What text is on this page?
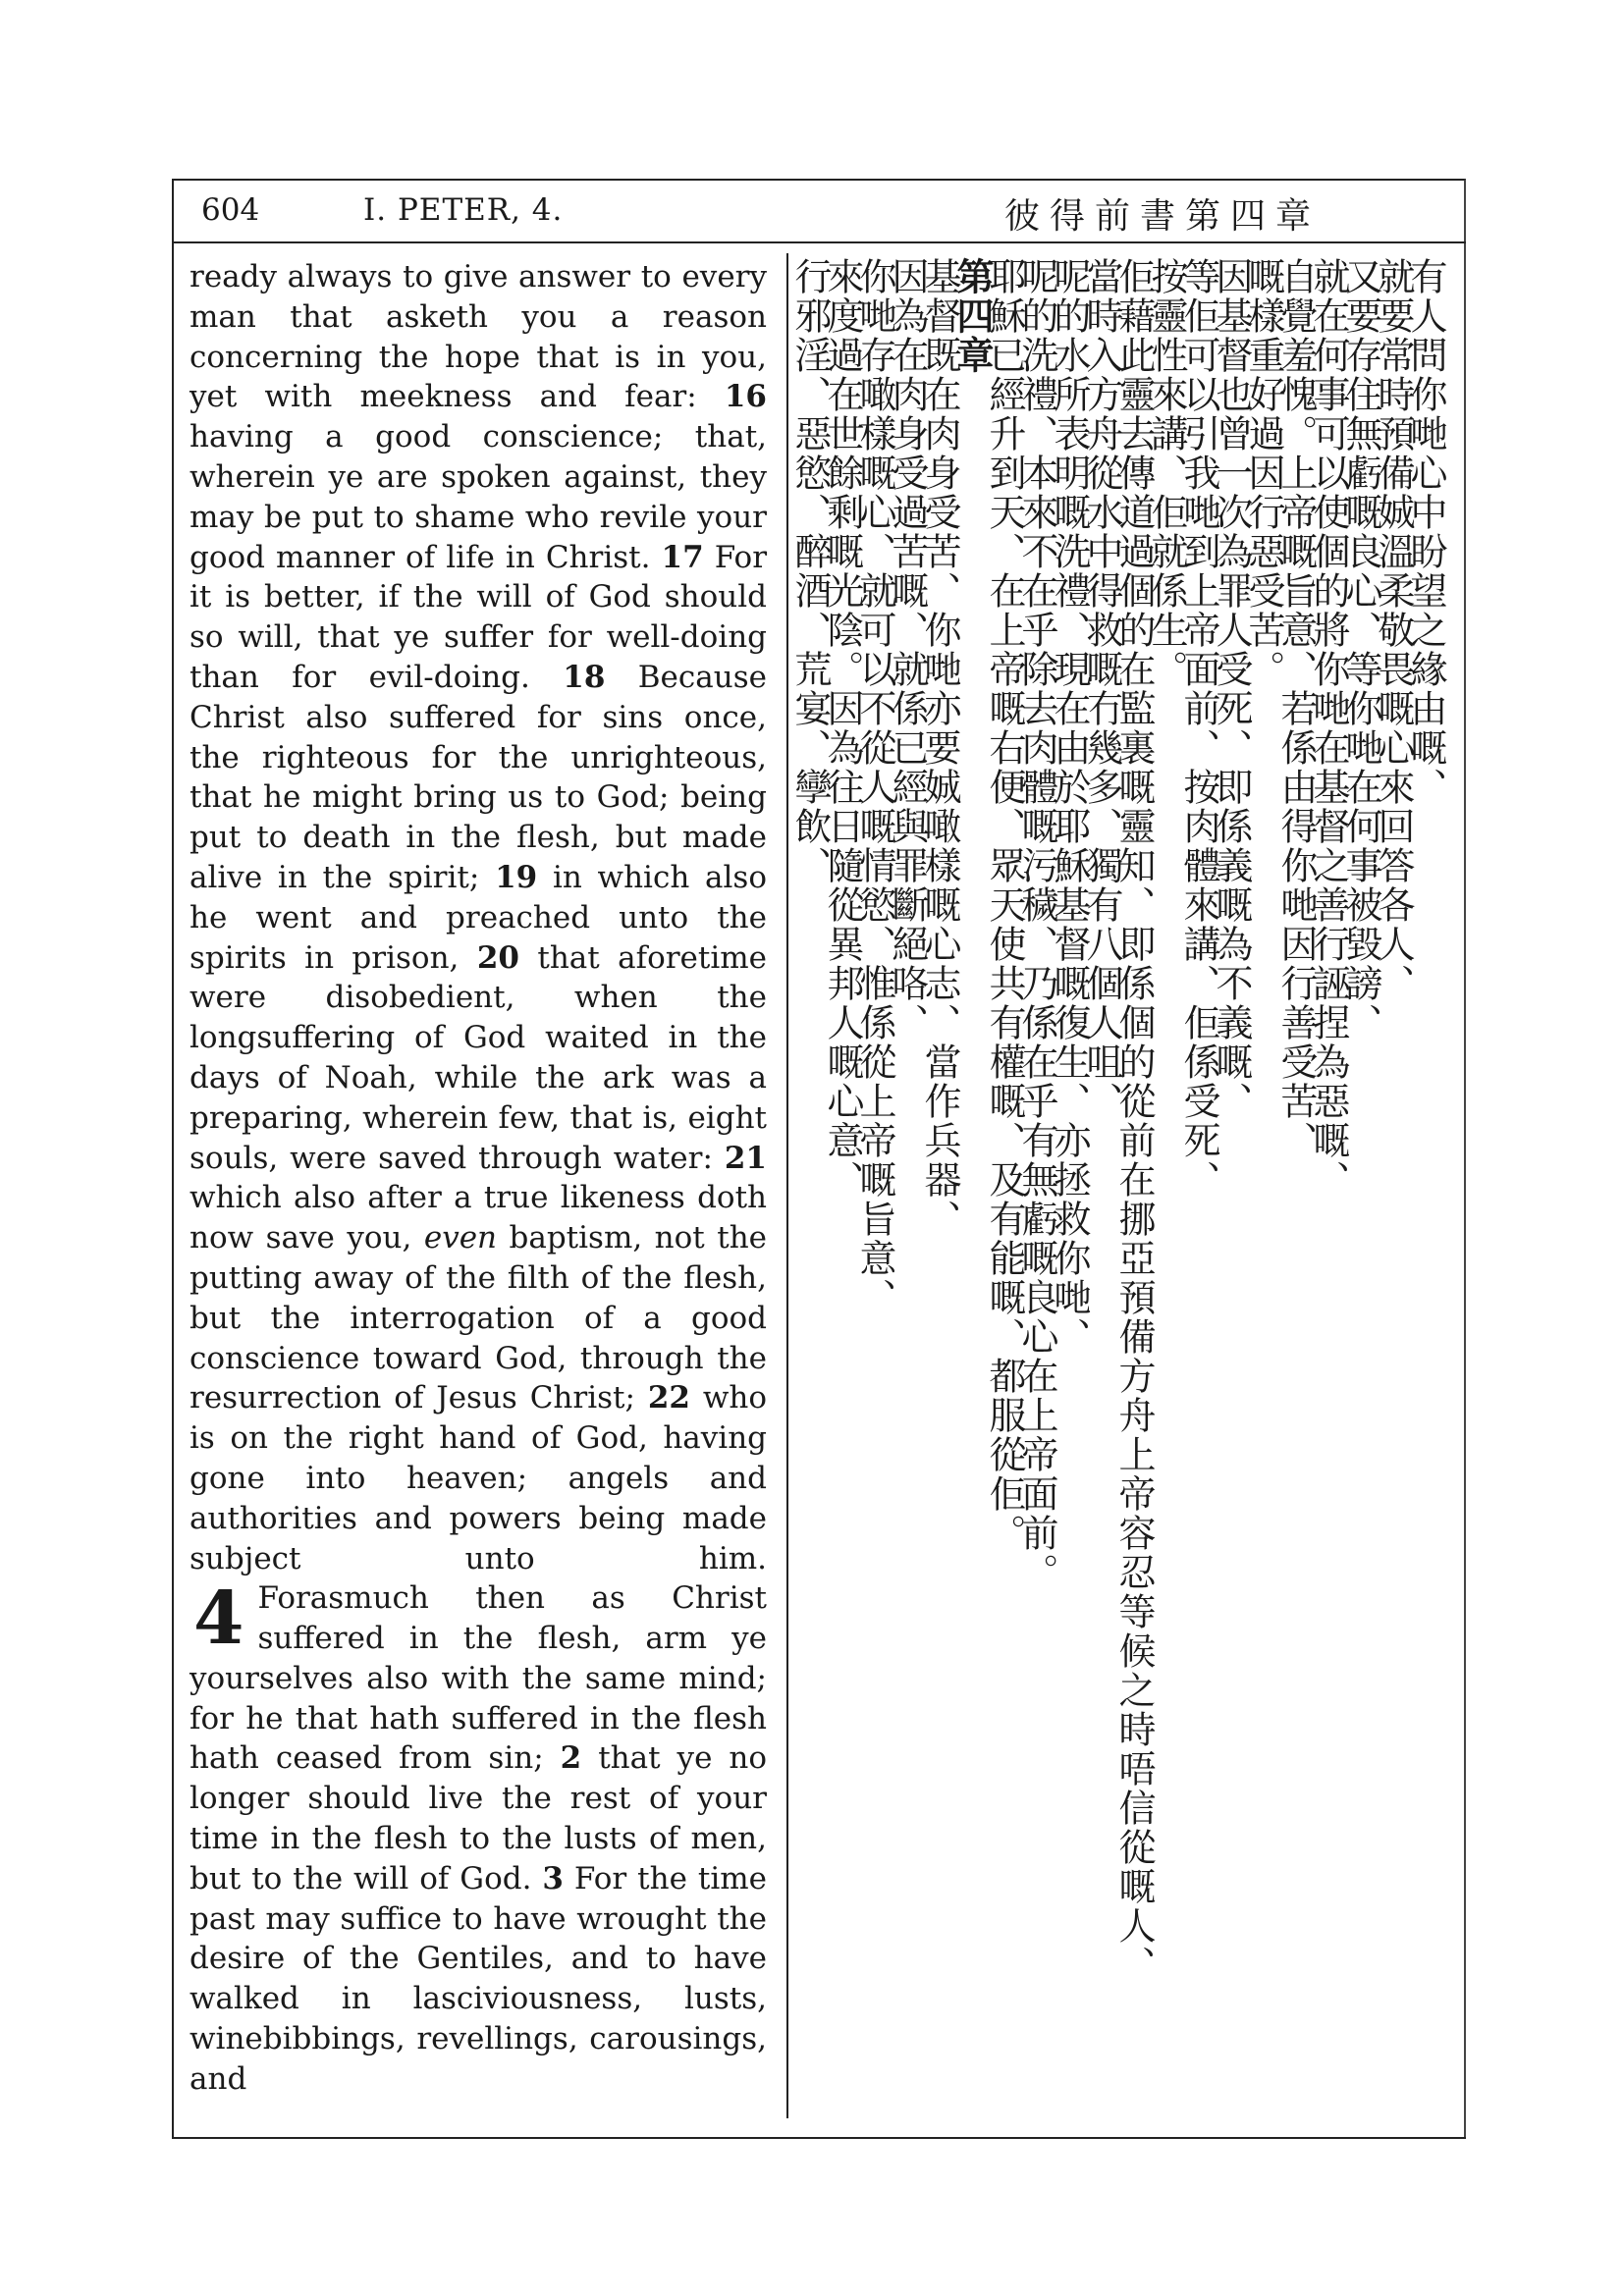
604	I. PETER, 4.	彼得前書第四章

ready always to give answer to every man that asketh you a reason concerning the hope that is in you, yet with meekness and fear: 16 having a good conscience; that, wherein ye are spoken against, they may be put to shame who revile your good manner of life in Christ. 17 For it is better, if the will of God should so will, that ye suffer for well-doing than for evil-doing. 18 Because Christ also suffered for sins once, the righteous for the unrighteous, that he might bring us to God; being put to death in the flesh, but made alive in the spirit; 19 in which also he went and preached unto the spirits in prison, 20 that aforetime were disobedient, when the longsuffering of God waited in the days of Noah, while the ark was a preparing, wherein few, that is, eight souls, were saved through water: 21 which also after a true likeness doth now save you, even baptism, not the putting away of the filth of the flesh, but the interrogation of a good conscience toward God, through the resurrection of Jesus Christ; 22 who is on the right hand of God, having gone into heaven; angels and authorities and powers being made subject unto him.

4 Forasmuch then as Christ suffered in the flesh, arm ye yourselves also with the same mind; for he that hath suffered in the flesh hath ceased from sin; 2 that ye no longer should live the rest of your time in the flesh to the lusts of men, but to the will of God. 3 For the time past may suffice to have wrought the desire of the Gentiles, and to have walked in lasciviousness, lusts, winebibbings, revellings, carousings, and

有人問你哋心中盼望之緣由嘅、
就要常時預備娍溫柔敬畏嘅心來回答各人、
又要存住無虧嘅良心、等你哋在何事被毀謗、
就在何事可以使個的將你哋在基督之善行誣捏為惡嘅、
自覺羞愧。上帝嘅旨意、若係由得你哋因行善受苦、
嘅樣重好過因行惡受苦。
因基督也曾一次為罪人受死、即係義嘅為不義嘅、
等佢可以引我哋到上帝面前、按肉體來講、佢係受死、
按靈性來講、佢就係生。
佢藉此靈去傳道過個的在監裏嘅靈知、即係個的從前在挪亞預備方舟上帝容忍等候之時唔信從嘅人、
當時入方舟從水中得救嘅冇幾多、獨有八個人咀、
呢的水所表明嘅洗禮、現在由於耶穌基督嘅復生、亦拯救你哋、
呢的洗禮、本來不在乎除去肉體嘅污穢、乃係在乎有無虧嘅良心在上帝面前。
耶穌已經升到天、在上帝嘅右便、眾天使共有權嘅、及有能嘅、都服從佢。
第四章
基督既在肉身受苦、你哋亦要娍噉樣嘅心志、當作兵器、
因為在肉身受過苦嘅、就係已經與罪斷絕咯、
你哋存噉樣嘅心、就可以不從人嘅情慾、惟係從上帝嘅旨意、
來度過在世餘剩嘅光陰。因為往日隨從異邦人嘅心意、
行邪淫、惡慾、醉酒、荒宴、孿飲、
